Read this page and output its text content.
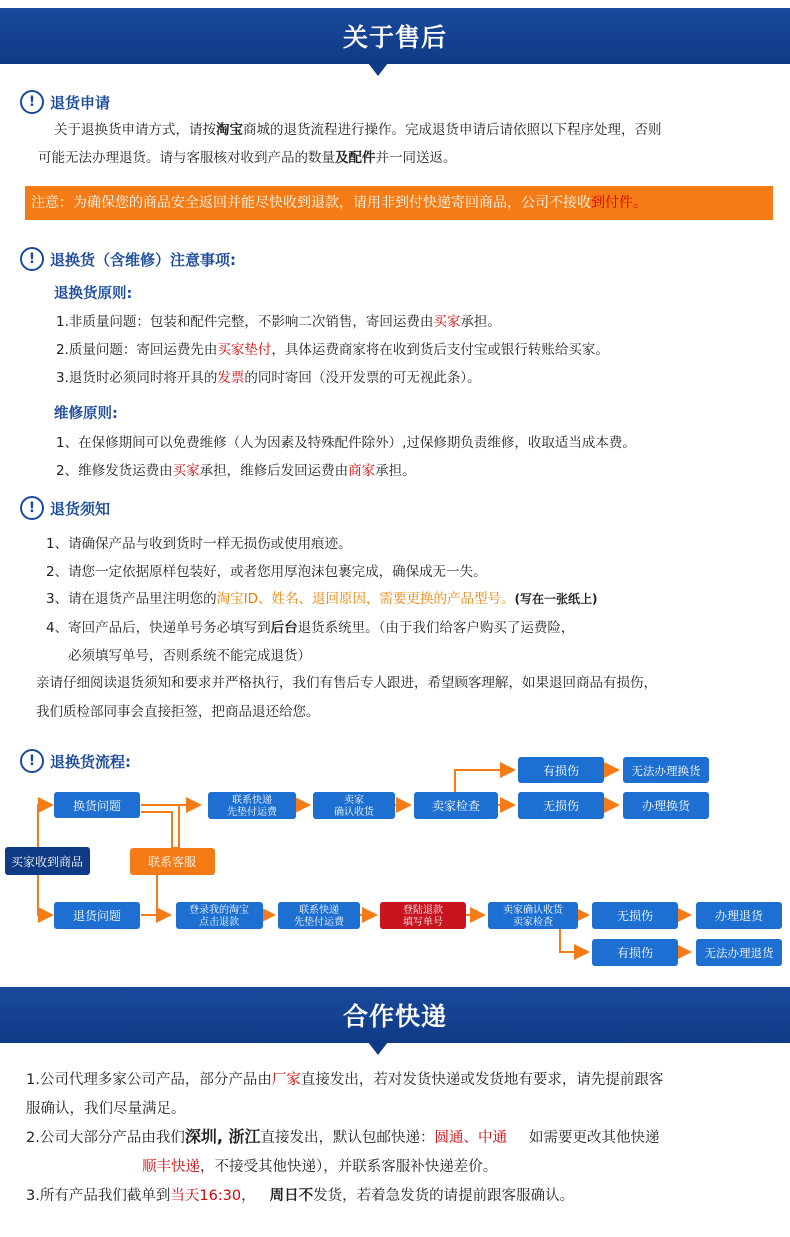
关于售后
! 退货申请
关于退换货申请方式，请按淘宝商城的退货流程进行操作。完成退货申请后请依照以下程序处理，否则
可能无法办理退货。请与客服核对收到产品的数量及配件并一同送返。
注意：为确保您的商品安全返回并能尽快收到退款，请用非到付快递寄回商品，公司不接收到付件。
! 退换货（含维修）注意事项:
退换货原则:
1.非质量问题：包装和配件完整，不影响二次销售，寄回运费由买家承担。
2.质量问题：寄回运费先由买家垫付，具体运费商家将在收到货后支付宝或银行转账给买家。
3.退货时必须同时将开具的发票的同时寄回（没开发票的可无视此条）。
维修原则:
1、在保修期间可以免费维修（人为因素及特殊配件除外）,过保修期负责维修，收取适当成本费。
2、维修发货运费由买家承担，维修后发回运费由商家承担。
! 退货须知
1、请确保产品与收到货时一样无损伤或使用痕迹。
2、请您一定依据原样包装好，或者您用厚泡沫包裹完成，确保成无一失。
3、请在退货产品里注明您的淘宝ID、姓名、退回原因，需要更换的产品型号。(写在一张纸上)
4、寄回产品后，快递单号务必填写到后台退货系统里。（由于我们给客户购买了运费险，
必须填写单号，否则系统不能完成退货）
亲请仔细阅读退货须知和要求并严格执行，我们有售后专人跟进，希望顾客理解，如果退回商品有损伤，
我们质检部同事会直接拒签，把商品退还给您。
! 退换货流程:
买家收到商品
换货问题
联系客服
退货问题
联系快递
先垫付运费
卖家
确认收货	卖家检查
有损伤
无损伤
无法办理换货
办理换货
登录我的淘宝
点击退款
联系快递
先垫付运费
登陆退款
填写单号
卖家确认收货
卖家检查	无损伤
有损伤
办理退货
无法办理退货
合作快递
1.公司代理多家公司产品，部分产品由厂家直接发出，若对发货快递或发货地有要求，请先提前跟客
服确认，我们尽量满足。
2.公司大部分产品由我们深圳, 浙江直接发出，默认包邮快递：圆通、中通 如需要更改其他快递
顺丰快递，不接受其他快递），并联系客服补快递差价。
3.所有产品我们截单到当天16:30， 周日不发货，若着急发货的请提前跟客服确认。
